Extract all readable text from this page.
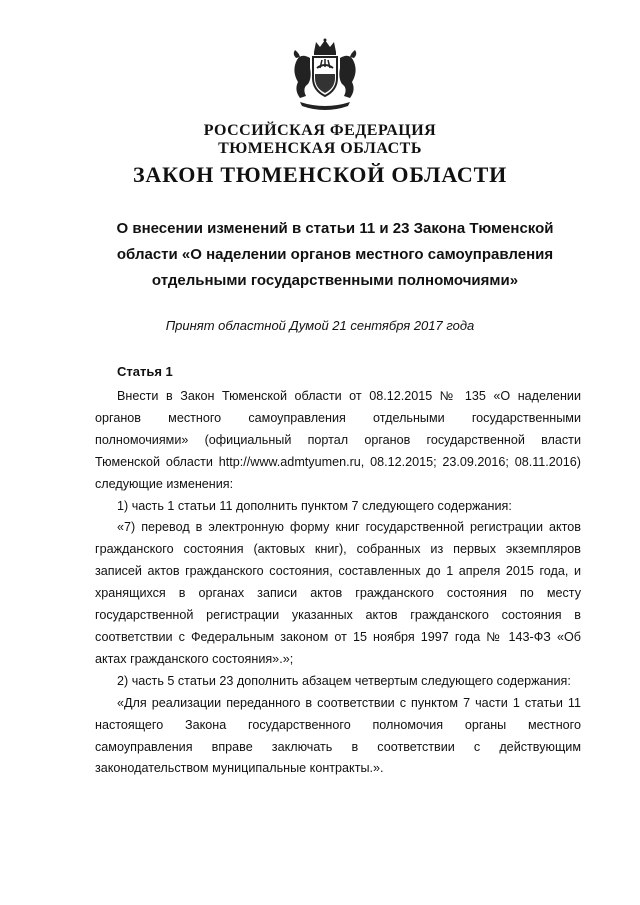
РОССИЙСКАЯ ФЕДЕРАЦИЯ
ТЮМЕНСКАЯ ОБЛАСТЬ
ЗАКОН ТЮМЕНСКОЙ ОБЛАСТИ
О внесении изменений в статьи 11 и 23 Закона Тюменской области «О наделении органов местного самоуправления отдельными государственными полномочиями»
Принят областной Думой 21 сентября 2017 года
Статья 1

Внести в Закон Тюменской области от 08.12.2015 № 135 «О наделении органов местного самоуправления отдельными государственными полномочиями» (официальный портал органов государственной власти Тюменской области http://www.admtyumen.ru, 08.12.2015; 23.09.2016; 08.11.2016) следующие изменения:

1) часть 1 статьи 11 дополнить пунктом 7 следующего содержания:

«7) перевод в электронную форму книг государственной регистрации актов гражданского состояния (актовых книг), собранных из первых экземпляров записей актов гражданского состояния, составленных до 1 апреля 2015 года, и хранящихся в органах записи актов гражданского состояния по месту государственной регистрации указанных актов гражданского состояния в соответствии с Федеральным законом от 15 ноября 1997 года № 143-ФЗ «Об актах гражданского состояния».»;

2) часть 5 статьи 23 дополнить абзацем четвертым следующего содержания:

«Для реализации переданного в соответствии с пунктом 7 части 1 статьи 11 настоящего Закона государственного полномочия органы местного самоуправления вправе заключать в соответствии с действующим законодательством муниципальные контракты.».
